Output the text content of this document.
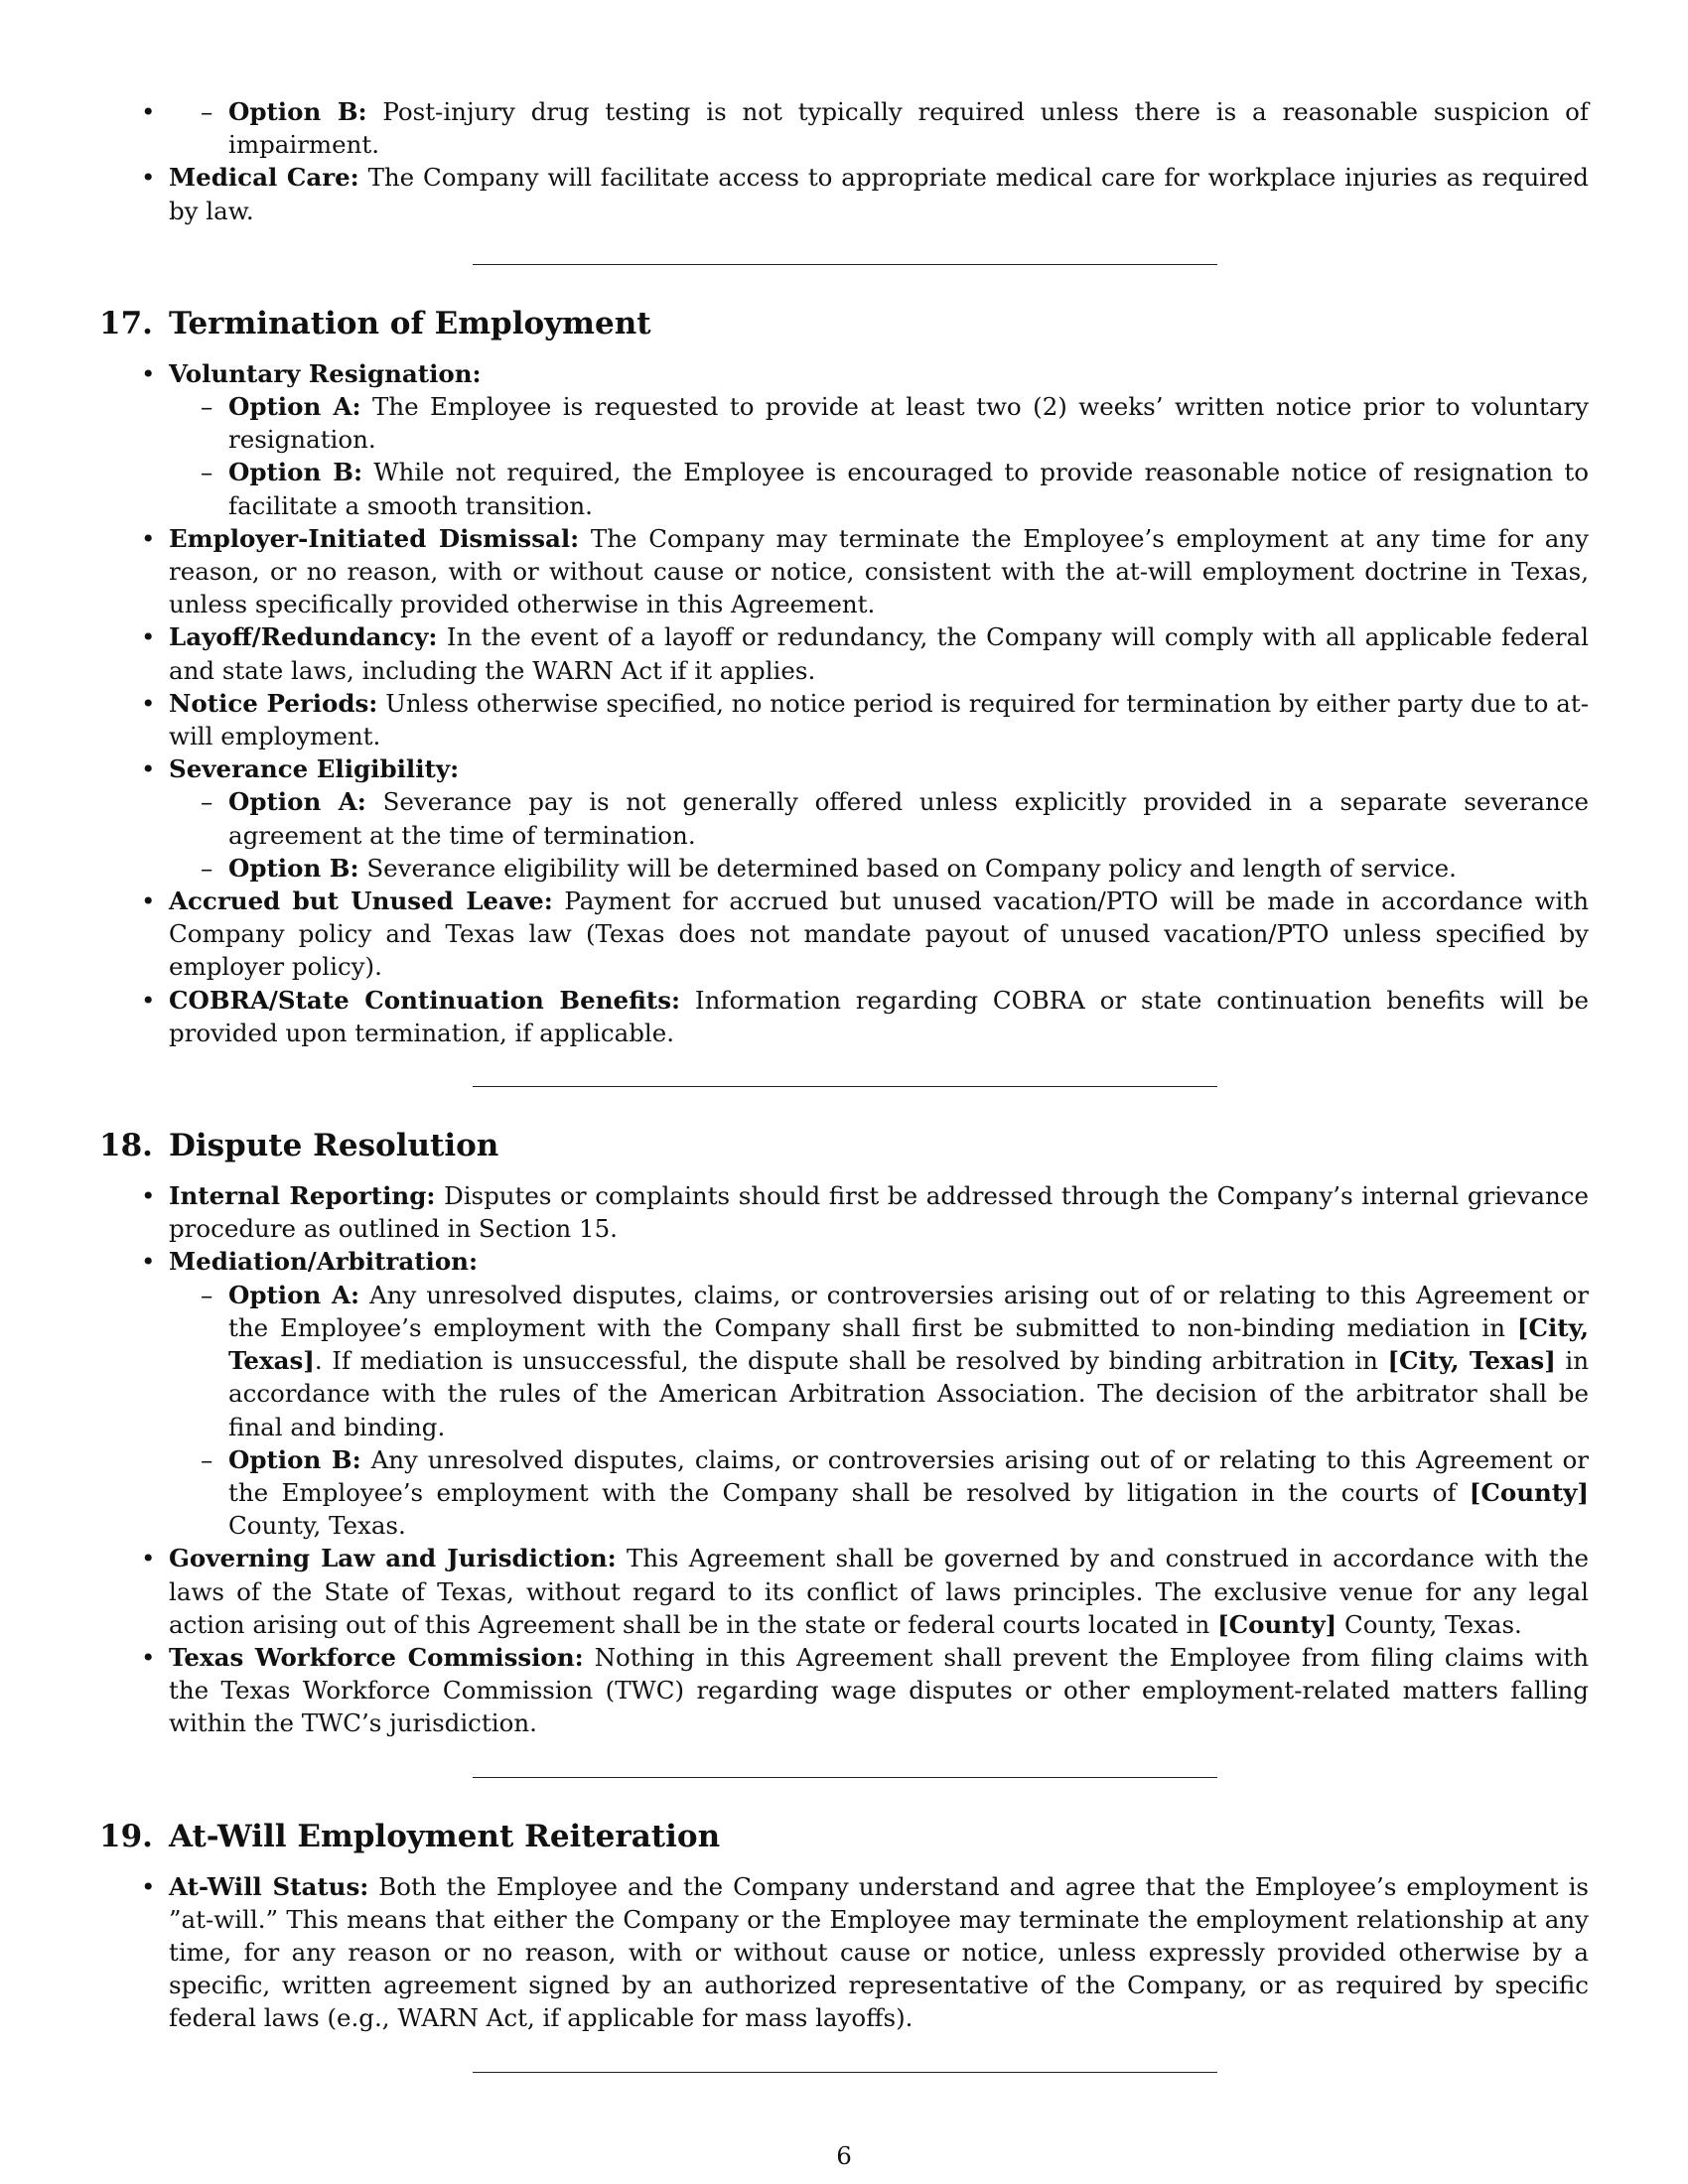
– • Option B: Post-injury drug testing is not typically required unless there is a reasonable suspicion of impairment.
• Medical Care: The Company will facilitate access to appropriate medical care for workplace injuries as required by law.
17. Termination of Employment
• Voluntary Resignation:
– Option A: The Employee is requested to provide at least two (2) weeks’ written notice prior to voluntary resignation.
– Option B: While not required, the Employee is encouraged to provide reasonable notice of resignation to facilitate a smooth transition.
• Employer-Initiated Dismissal: The Company may terminate the Employee’s employment at any time for any reason, or no reason, with or without cause or notice, consistent with the at-will employment doctrine in Texas, unless specifically provided otherwise in this Agreement.
• Layoff/Redundancy: In the event of a layoff or redundancy, the Company will comply with all applicable federal and state laws, including the WARN Act if it applies.
• Notice Periods: Unless otherwise specified, no notice period is required for termination by either party due to at-will employment.
• Severance Eligibility:
– Option A: Severance pay is not generally offered unless explicitly provided in a separate severance agreement at the time of termination.
– Option B: Severance eligibility will be determined based on Company policy and length of service.
• Accrued but Unused Leave: Payment for accrued but unused vacation/PTO will be made in accordance with Company policy and Texas law (Texas does not mandate payout of unused vacation/PTO unless specified by employer policy).
• COBRA/State Continuation Benefits: Information regarding COBRA or state continuation benefits will be provided upon termination, if applicable.
18. Dispute Resolution
• Internal Reporting: Disputes or complaints should first be addressed through the Company’s internal grievance procedure as outlined in Section 15.
• Mediation/Arbitration:
– Option A: Any unresolved disputes, claims, or controversies arising out of or relating to this Agreement or the Employee’s employment with the Company shall first be submitted to non-binding mediation in [City, Texas]. If mediation is unsuccessful, the dispute shall be resolved by binding arbitration in [City, Texas] in accordance with the rules of the American Arbitration Association. The decision of the arbitrator shall be final and binding.
– Option B: Any unresolved disputes, claims, or controversies arising out of or relating to this Agreement or the Employee’s employment with the Company shall be resolved by litigation in the courts of [County] County, Texas.
• Governing Law and Jurisdiction: This Agreement shall be governed by and construed in accordance with the laws of the State of Texas, without regard to its conflict of laws principles. The exclusive venue for any legal action arising out of this Agreement shall be in the state or federal courts located in [County] County, Texas.
• Texas Workforce Commission: Nothing in this Agreement shall prevent the Employee from filing claims with the Texas Workforce Commission (TWC) regarding wage disputes or other employment-related matters falling within the TWC’s jurisdiction.
19. At-Will Employment Reiteration
• At-Will Status: Both the Employee and the Company understand and agree that the Employee’s employment is ”at-will.” This means that either the Company or the Employee may terminate the employment relationship at any time, for any reason or no reason, with or without cause or notice, unless expressly provided otherwise by a specific, written agreement signed by an authorized representative of the Company, or as required by specific federal laws (e.g., WARN Act, if applicable for mass layoffs).
6
